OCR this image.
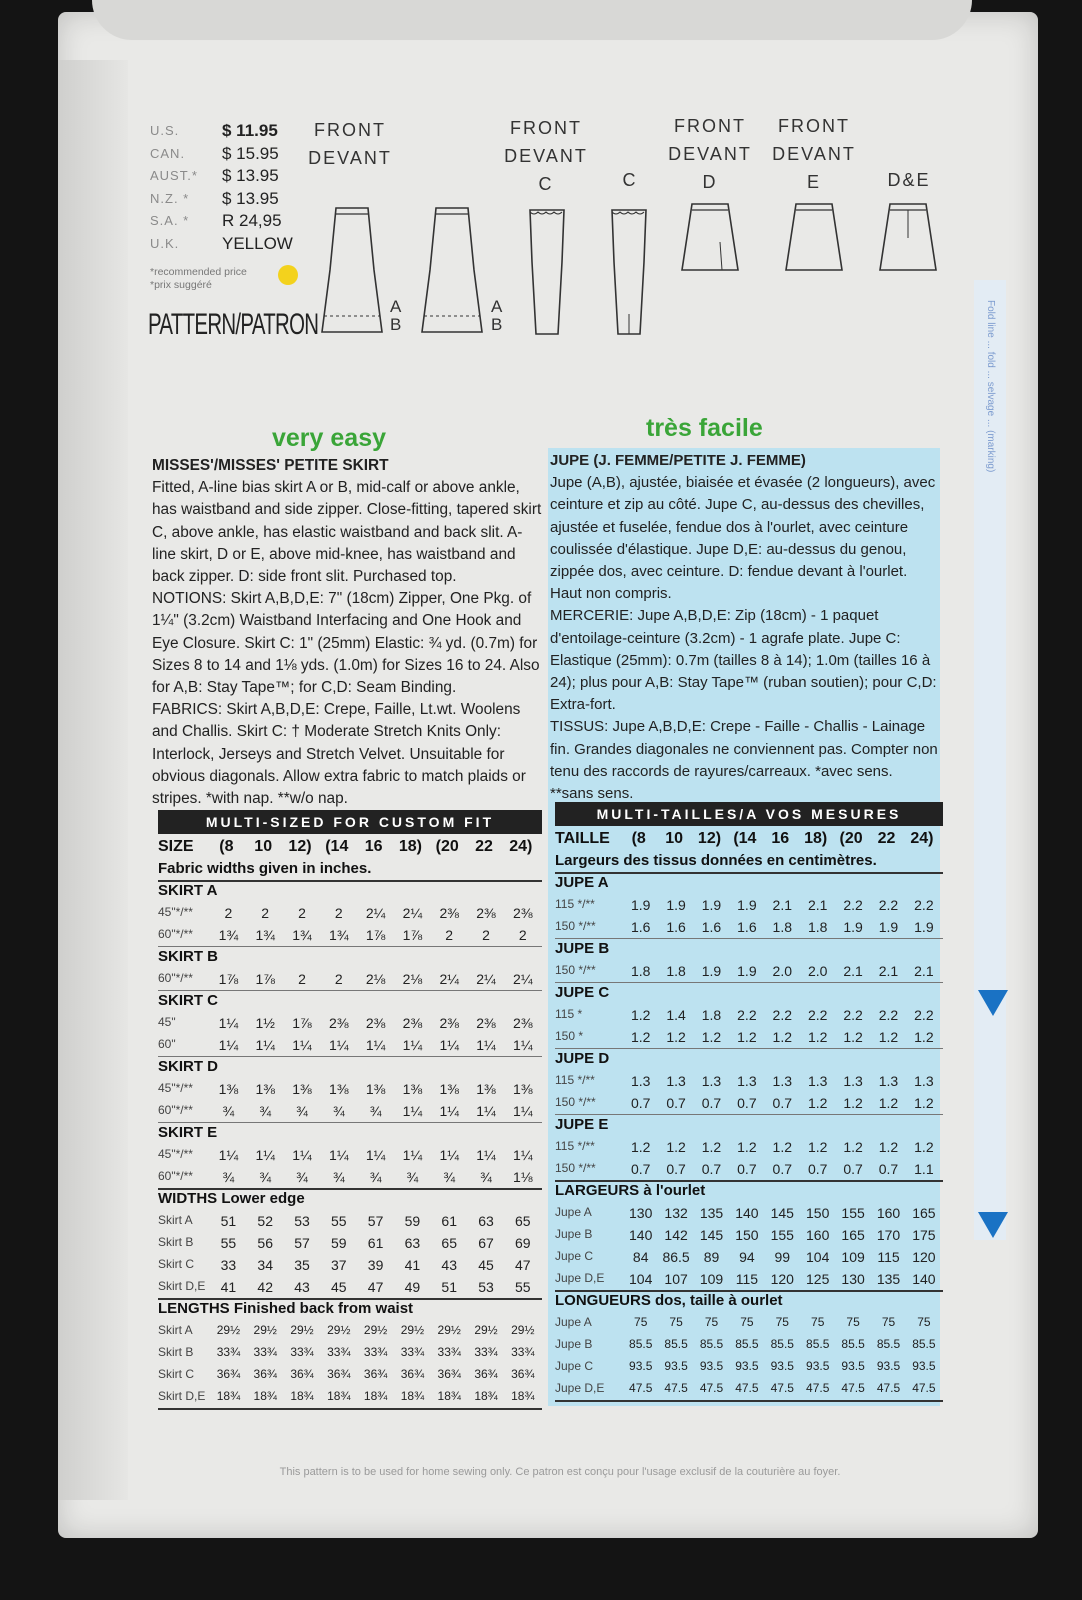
U.S.	$ 11.95
CAN.	$ 15.95
AUST.*	$ 13.95
N.Z. *	$ 13.95
S.A. *	R 24,95
U.K.	YELLOW
*recommended price
*prix suggéré
PATTERN/PATRON
FRONT
DEVANT
A
B
A
B
FRONT
DEVANT
C	C
FRONT
DEVANT
D
FRONT
DEVANT
E	D&E
Fold line ... fold ... selvage ... (marking)
very easy	très facile
MISSES'/MISSES' PETITE SKIRT

Fitted, A-line bias skirt A or B, mid-calf or above ankle, has waistband and side zipper. Close-fitting, tapered skirt C, above ankle, has elastic waistband and back slit. A-line skirt, D or E, above mid-knee, has waistband and back zipper. D: side front slit. Purchased top.

NOTIONS: Skirt A,B,D,E: 7" (18cm) Zipper, One Pkg. of 1¼" (3.2cm) Waistband Interfacing and One Hook and Eye Closure. Skirt C: 1" (25mm) Elastic: ¾ yd. (0.7m) for Sizes 8 to 14 and 1⅛ yds. (1.0m) for Sizes 16 to 24. Also for A,B: Stay Tape™; for C,D: Seam Binding.

FABRICS: Skirt A,B,D,E: Crepe, Faille, Lt.wt. Woolens and Challis. Skirt C: † Moderate Stretch Knits Only: Interlock, Jerseys and Stretch Velvet. Unsuitable for obvious diagonals. Allow extra fabric to match plaids or stripes. *with nap. **w/o nap.

JUPE (J. FEMME/PETITE J. FEMME)

Jupe (A,B), ajustée, biaisée et évasée (2 longueurs), avec ceinture et zip au côté. Jupe C, au-dessus des chevilles, ajustée et fuselée, fendue dos à l'ourlet, avec ceinture coulissée d'élastique. Jupe D,E: au-dessus du genou, zippée dos, avec ceinture. D: fendue devant à l'ourlet. Haut non compris.

MERCERIE: Jupe A,B,D,E: Zip (18cm) - 1 paquet d'entoilage-ceinture (3.2cm) - 1 agrafe plate. Jupe C: Elastique (25mm): 0.7m (tailles 8 à 14); 1.0m (tailles 16 à 24); plus pour A,B: Stay Tape™ (ruban soutien); pour C,D: Extra-fort.

TISSUS: Jupe A,B,D,E: Crepe - Faille - Challis - Lainage fin. Grandes diagonales ne conviennent pas. Compter non tenu des raccords de rayures/carreaux. *avec sens. **sans sens.

MULTI-SIZED FOR CUSTOM FIT
SIZE	(8	10	12) (14	16	18) (20	22	24)
Fabric widths given in inches.
SKIRT A
45"*/**	2	2	2	2	2¼	2¼	2⅜	2⅜	2⅜
60"*/**	1¾	1¾	1¾	1¾	1⅞	1⅞	2	2	2
SKIRT B
60"*/**	1⅞	1⅞	2	2	2⅛	2⅛	2¼	2¼	2¼
SKIRT C
45"	1¼	1½	1⅞	2⅜	2⅜	2⅜	2⅜	2⅜	2⅜
60"	1¼	1¼	1¼	1¼	1¼	1¼	1¼	1¼	1¼
SKIRT D
45"*/**	1⅜	1⅜	1⅜	1⅜	1⅜	1⅜	1⅜	1⅜	1⅜
60"*/**	¾	¾	¾	¾	¾	1¼	1¼	1¼	1¼
SKIRT E
45"*/**	1¼	1¼	1¼	1¼	1¼	1¼	1¼	1¼	1¼
60"*/**	¾	¾	¾	¾	¾	¾	¾	¾	1⅛
WIDTHS Lower edge
Skirt A	51	52	53	55	57	59	61	63	65
Skirt B	55	56	57	59	61	63	65	67	69
Skirt C	33	34	35	37	39	41	43	45	47
Skirt D,E	41	42	43	45	47	49	51	53	55
LENGTHS Finished back from waist
Skirt A	29½	29½	29½	29½	29½	29½	29½	29½	29½
Skirt B	33¾	33¾	33¾	33¾	33¾	33¾	33¾	33¾	33¾
Skirt C	36¾	36¾	36¾	36¾	36¾	36¾	36¾	36¾	36¾
Skirt D,E 18¾	18¾	18¾	18¾	18¾	18¾	18¾	18¾	18¾
MULTI-TAILLES/A VOS MESURES
TAILLE	(8	10 12) (14 16 18) (20 22 24)
Largeurs des tissus données en centimètres.
JUPE A
115 */**	1.9	1.9	1.9	1.9	2.1	2.1	2.2	2.2	2.2
150 */**	1.6	1.6	1.6	1.6	1.8	1.8	1.9	1.9	1.9
JUPE B
150 */**	1.8	1.8	1.9	1.9	2.0	2.0	2.1	2.1	2.1
JUPE C
115 *	1.2	1.4	1.8	2.2	2.2	2.2	2.2	2.2	2.2
150 *	1.2	1.2	1.2	1.2	1.2	1.2	1.2	1.2	1.2
JUPE D
115 */**	1.3	1.3	1.3	1.3	1.3	1.3	1.3	1.3	1.3
150 */**	0.7	0.7	0.7	0.7	0.7	1.2	1.2	1.2	1.2
JUPE E
115 */**	1.2	1.2	1.2	1.2	1.2	1.2	1.2	1.2	1.2
150 */**	0.7	0.7	0.7	0.7	0.7	0.7	0.7	0.7	1.1
LARGEURS à l'ourlet
Jupe A	130 132 135 140 145 150 155 160 165
Jupe B	140 142 145 150 155 160 165 170 175
Jupe C	84 86.5	89	94	99	104 109 115 120
Jupe D,E	104 107 109 115 120 125 130 135 140
LONGUEURS dos, taille à ourlet
Jupe A	75	75	75	75	75	75	75	75	75
Jupe B	85.5	85.5	85.5	85.5	85.5	85.5	85.5	85.5	85.5
Jupe C	93.5	93.5	93.5	93.5	93.5	93.5	93.5	93.5	93.5
Jupe D,E	47.5	47.5	47.5	47.5	47.5	47.5	47.5	47.5	47.5
This pattern is to be used for home sewing only. Ce patron est conçu pour l'usage exclusif de la couturière au foyer.
